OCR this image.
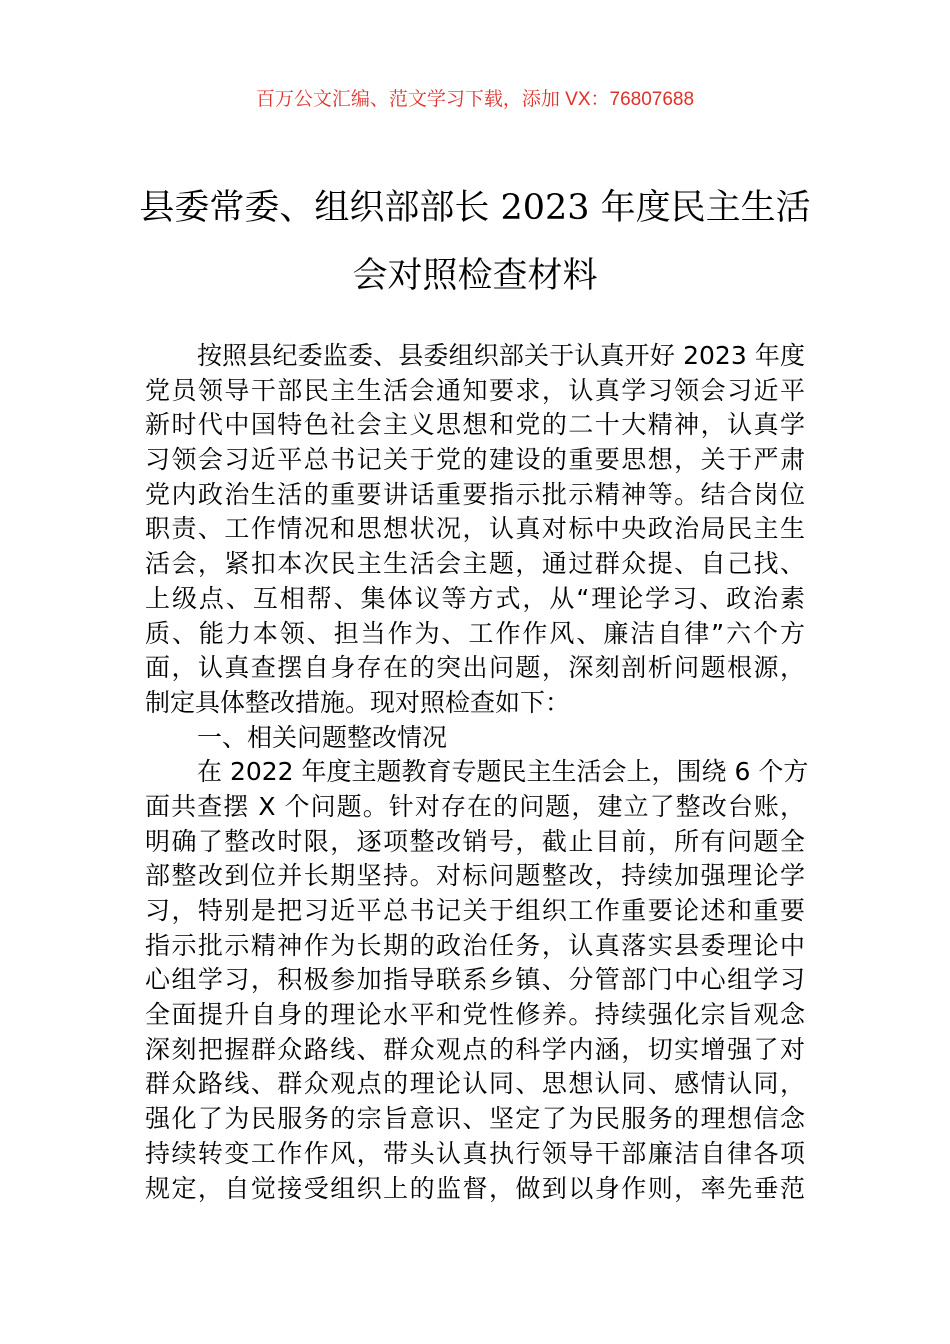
百万公文汇编、范文学习下载，添加 VX：76807688
县委常委、组织部部长 2023 年度民主生活
会对照检查材料
按照县纪委监委、县委组织部关于认真开好 2023 年度
党员领导干部民主生活会通知要求，认真学习领会习近平
新时代中国特色社会主义思想和党的二十大精神，认真学
习领会习近平总书记关于党的建设的重要思想，关于严肃
党内政治生活的重要讲话重要指示批示精神等。结合岗位
职责、工作情况和思想状况，认真对标中央政治局民主生
活会，紧扣本次民主生活会主题，通过群众提、自己找、
上级点、互相帮、集体议等方式，从“理论学习、政治素
质、能力本领、担当作为、工作作风、廉洁自律”六个方
面，认真查摆自身存在的突出问题，深刻剖析问题根源，
制定具体整改措施。现对照检查如下：
一、相关问题整改情况
在 2022 年度主题教育专题民主生活会上，围绕 6 个方
面共查摆 X 个问题。针对存在的问题，建立了整改台账，
明确了整改时限，逐项整改销号，截止目前，所有问题全
部整改到位并长期坚持。对标问题整改，持续加强理论学
习，特别是把习近平总书记关于组织工作重要论述和重要
指示批示精神作为长期的政治任务，认真落实县委理论中
心组学习，积极参加指导联系乡镇、分管部门中心组学习
全面提升自身的理论水平和党性修养。持续强化宗旨观念
深刻把握群众路线、群众观点的科学内涵，切实增强了对
群众路线、群众观点的理论认同、思想认同、感情认同，
强化了为民服务的宗旨意识、坚定了为民服务的理想信念
持续转变工作作风，带头认真执行领导干部廉洁自律各项
规定，自觉接受组织上的监督，做到以身作则，率先垂范
